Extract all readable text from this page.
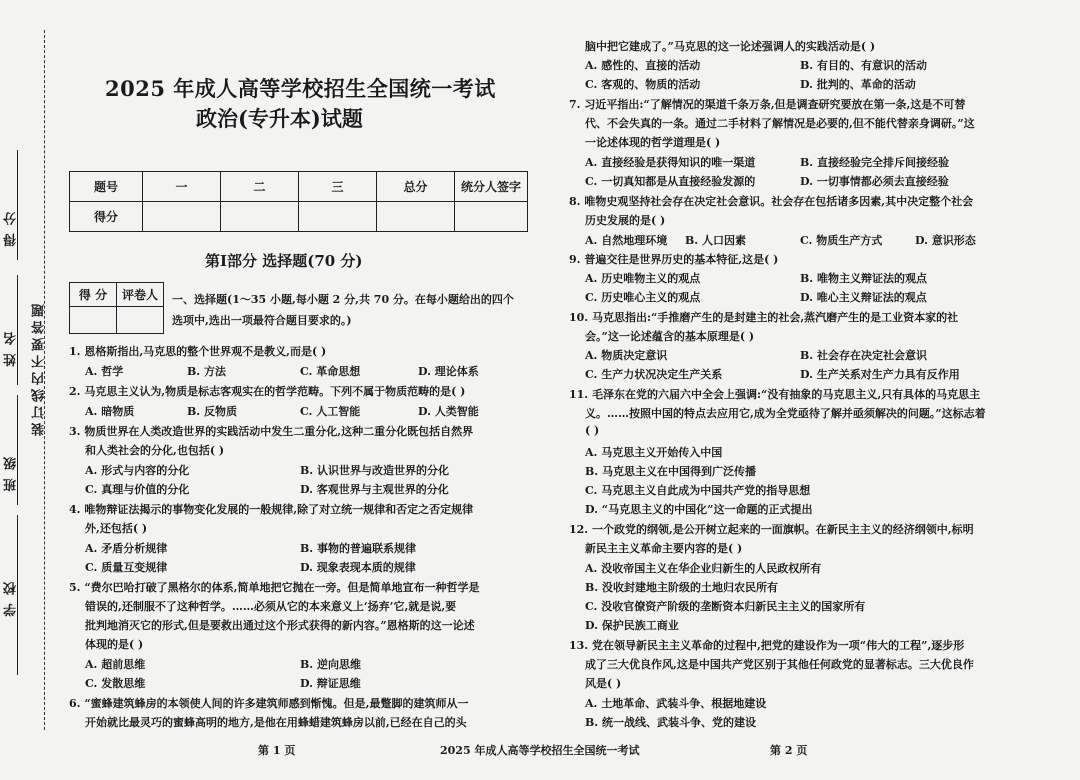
得 分
姓 名
班 级
学 校
装订线内不要答题
2025 年成人高等学校招生全国统一考试
政治(专升本)试题
题号	一	二	三	总分	统分人签字
得分					
第Ⅰ部分 选择题(70 分)
得 分	评卷人
	一、选择题(1～35 小题,每小题 2 分,共 70 分。在每小题给出的四个选项中,选出一项最符合题目要求的。)
1. 恩格斯指出,马克思的整个世界观不是教义,而是( )
A. 哲学	B. 方法	C. 革命思想	D. 理论体系
2. 马克思主义认为,物质是标志客观实在的哲学范畴。下列不属于物质范畴的是( )
A. 暗物质	B. 反物质	C. 人工智能	D. 人类智能
3. 物质世界在人类改造世界的实践活动中发生二重分化,这种二重分化既包括自然界
和人类社会的分化,也包括( )
A. 形式与内容的分化	B. 认识世界与改造世界的分化
C. 真理与价值的分化	D. 客观世界与主观世界的分化
4. 唯物辩证法揭示的事物变化发展的一般规律,除了对立统一规律和否定之否定规律
外,还包括( )
A. 矛盾分析规律	B. 事物的普遍联系规律
C. 质量互变规律	D. 现象表现本质的规律
5. “费尔巴哈打破了黑格尔的体系,简单地把它抛在一旁。但是简单地宣布一种哲学是
错误的,还制服不了这种哲学。……必须从它的本来意义上‘扬弃’它,就是说,要
批判地消灭它的形式,但是要救出通过这个形式获得的新内容。”恩格斯的这一论述
体现的是( )
A. 超前思维	B. 逆向思维
C. 发散思维	D. 辩证思维
6. “蜜蜂建筑蜂房的本领使人间的许多建筑师感到惭愧。但是,最蹩脚的建筑师从一
开始就比最灵巧的蜜蜂高明的地方,是他在用蜂蜡建筑蜂房以前,已经在自己的头
脑中把它建成了。”马克思的这一论述强调人的实践活动是( )
A. 感性的、直接的活动	B. 有目的、有意识的活动
C. 客观的、物质的活动	D. 批判的、革命的活动
7. 习近平指出:“了解情况的渠道千条万条,但是调查研究要放在第一条,这是不可替
代、不会失真的一条。通过二手材料了解情况是必要的,但不能代替亲身调研。”这
一论述体现的哲学道理是( )
A. 直接经验是获得知识的唯一渠道	B. 直接经验完全排斥间接经验
C. 一切真知都是从直接经验发源的	D. 一切事情都必须去直接经验
8. 唯物史观坚持社会存在决定社会意识。社会存在包括诸多因素,其中决定整个社会
历史发展的是( )
A. 自然地理环境 B. 人口因素	C. 物质生产方式	D. 意识形态
9. 普遍交往是世界历史的基本特征,这是( )
A. 历史唯物主义的观点	B. 唯物主义辩证法的观点
C. 历史唯心主义的观点	D. 唯心主义辩证法的观点
10. 马克思指出:“手推磨产生的是封建主的社会,蒸汽磨产生的是工业资本家的社
会。”这一论述蕴含的基本原理是( )
A. 物质决定意识	B. 社会存在决定社会意识
C. 生产力状况决定生产关系	D. 生产关系对生产力具有反作用
11. 毛泽东在党的六届六中全会上强调:“没有抽象的马克思主义,只有具体的马克思主
义。……按照中国的特点去应用它,成为全党亟待了解并亟须解决的问题。”这标志着
( )
A. 马克思主义开始传入中国
B. 马克思主义在中国得到广泛传播
C. 马克思主义自此成为中国共产党的指导思想
D. “马克思主义的中国化”这一命题的正式提出
12. 一个政党的纲领,是公开树立起来的一面旗帜。在新民主主义的经济纲领中,标明
新民主主义革命主要内容的是( )
A. 没收帝国主义在华企业归新生的人民政权所有
B. 没收封建地主阶级的土地归农民所有
C. 没收官僚资产阶级的垄断资本归新民主主义的国家所有
D. 保护民族工商业
13. 党在领导新民主主义革命的过程中,把党的建设作为一项“伟大的工程”,逐步形
成了三大优良作风,这是中国共产党区别于其他任何政党的显著标志。三大优良作
风是( )
A. 土地革命、武装斗争、根据地建设
B. 统一战线、武装斗争、党的建设
第 1 页	2025 年成人高等学校招生全国统一考试	第 2 页
